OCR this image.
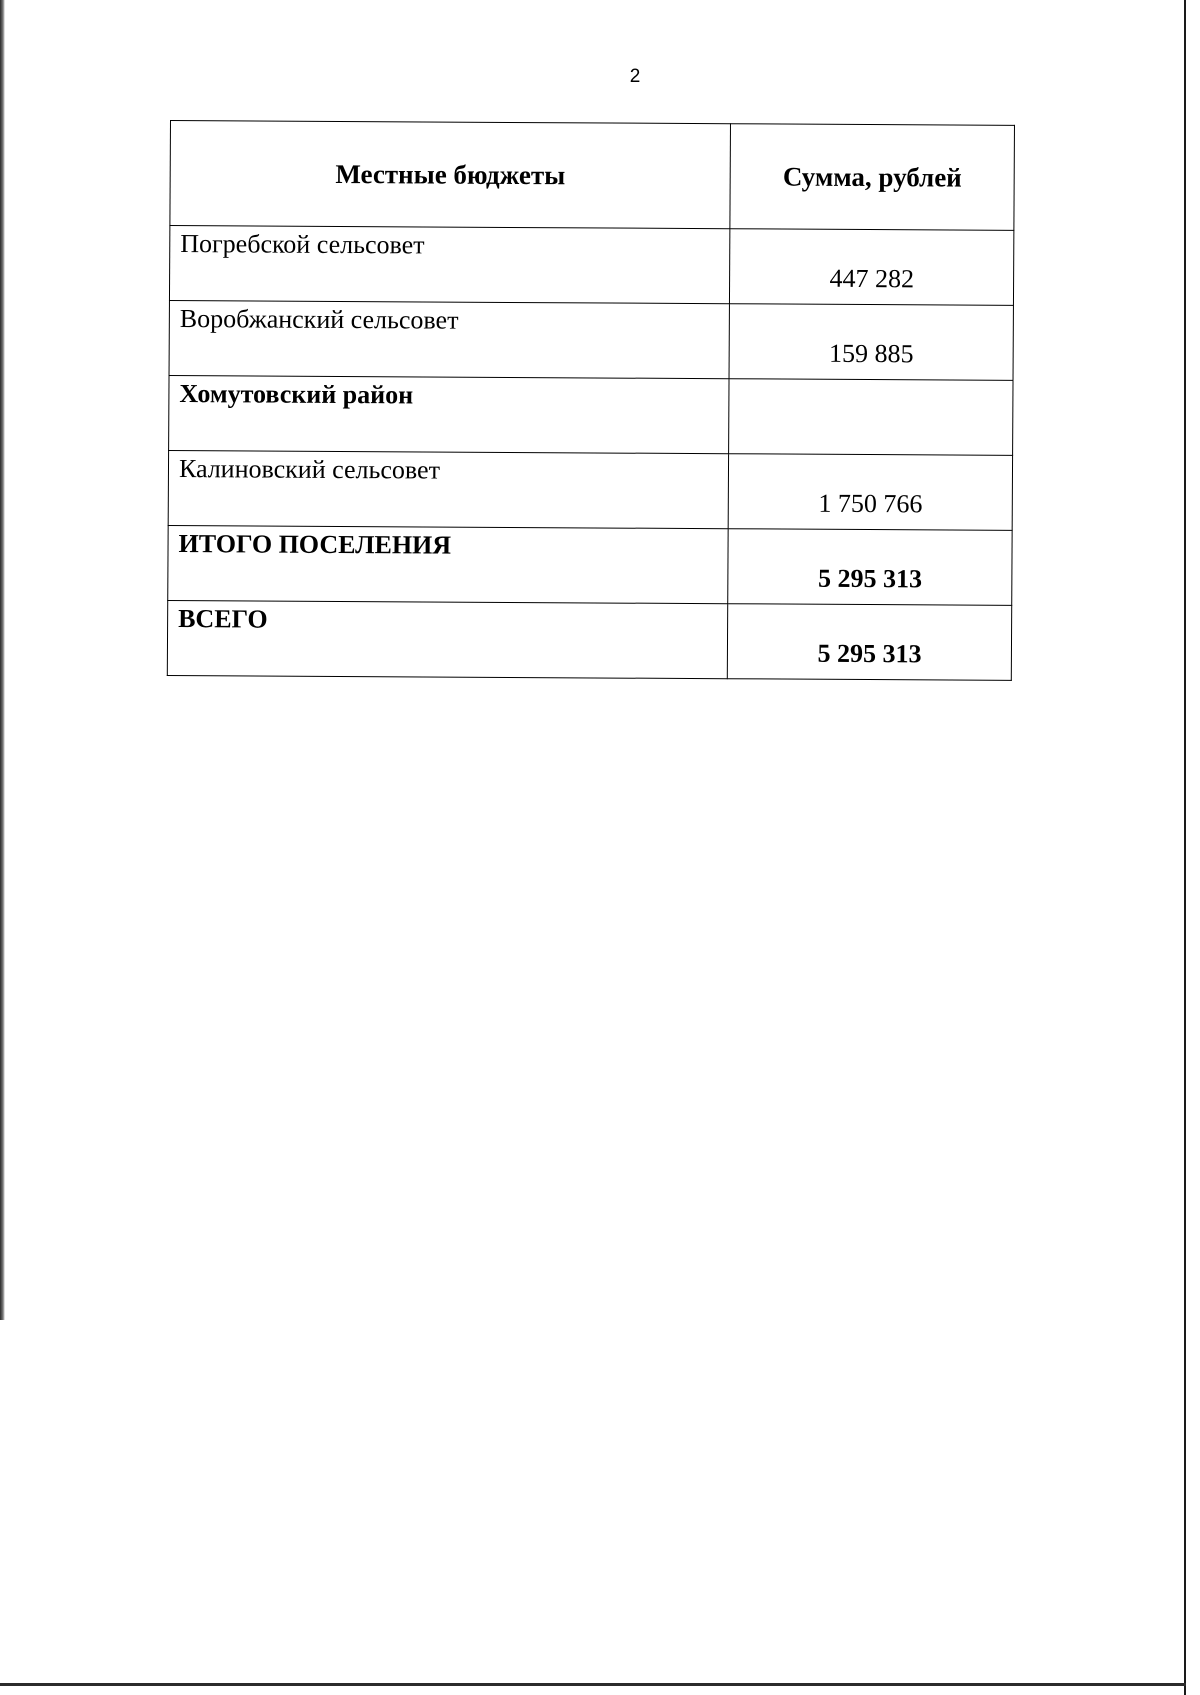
2
Местные бюджеты	Сумма, рублей
Погребской сельсовет	447 282
Воробжанский сельсовет	159 885
Хомутовский район	
Калиновский сельсовет	1 750 766
ИТОГО ПОСЕЛЕНИЯ	5 295 313
ВСЕГО	5 295 313
